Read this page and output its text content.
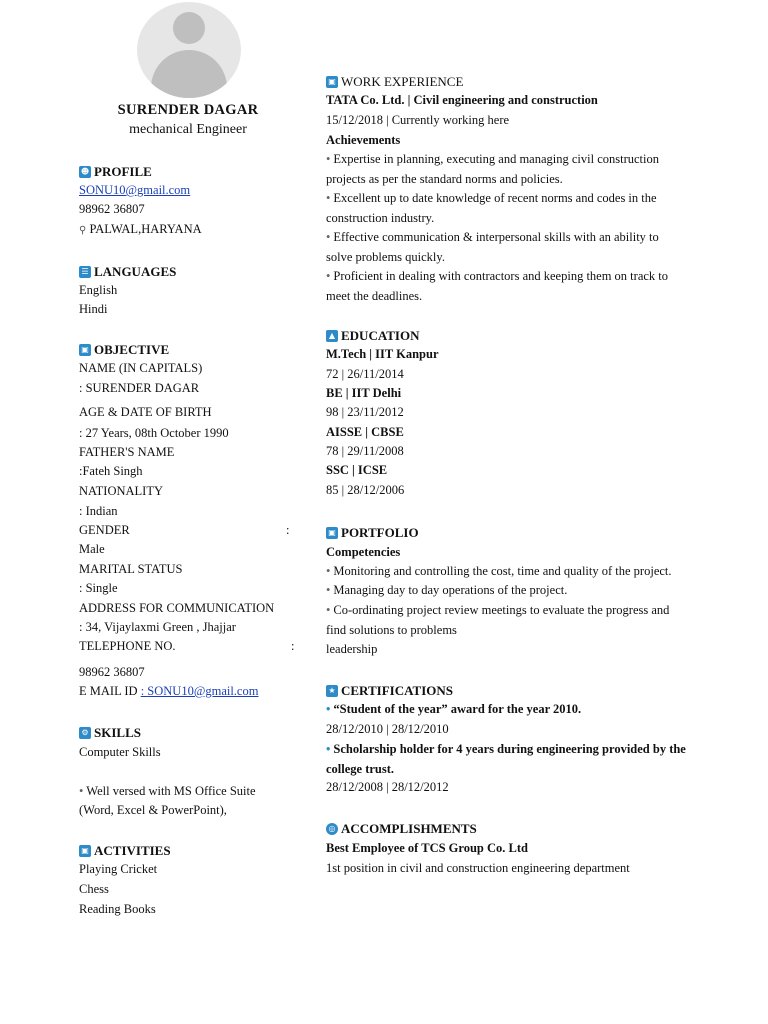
SURENDER DAGAR
mechanical Engineer
☻ PROFILE
SONU10@gmail.com
98962 36807
⚲ PALWAL,HARYANA
☰ LANGUAGES
English
Hindi
▣ OBJECTIVE
NAME (IN CAPITALS)
: SURENDER DAGAR
AGE & DATE OF BIRTH
: 27 Years, 08th October 1990
FATHER'S NAME
:Fateh Singh
NATIONALITY
: Indian
GENDER	:
Male
MARITAL STATUS
: Single
ADDRESS FOR COMMUNICATION
: 34, Vijaylaxmi Green , Jhajjar
TELEPHONE NO.	:
98962 36807
E MAIL ID : SONU10@gmail.com
⚙ SKILLS
Computer Skills
• Well versed with MS Office Suite
(Word, Excel & PowerPoint),
▣ ACTIVITIES
Playing Cricket
Chess
Reading Books
▣ WORK EXPERIENCE
TATA Co. Ltd. | Civil engineering and construction
15/12/2018 | Currently working here
Achievements
• Expertise in planning, executing and managing civil construction projects as per the standard norms and policies.
• Excellent up to date knowledge of recent norms and codes in the construction industry.
• Effective communication & interpersonal skills with an ability to solve problems quickly.
• Proficient in dealing with contractors and keeping them on track to meet the deadlines.
▲ EDUCATION
M.Tech | IIT Kanpur
72 | 26/11/2014
BE | IIT Delhi
98 | 23/11/2012
AISSE | CBSE
78 | 29/11/2008
SSC | ICSE
85 | 28/12/2006
▣ PORTFOLIO
Competencies
• Monitoring and controlling the cost, time and quality of the project.
• Managing day to day operations of the project.
• Co-ordinating project review meetings to evaluate the progress and find solutions to problems
leadership
★ CERTIFICATIONS
• “Student of the year” award for the year 2010.
28/12/2010 | 28/12/2010
• Scholarship holder for 4 years during engineering provided by the college trust.
28/12/2008 | 28/12/2012
◎ ACCOMPLISHMENTS
Best Employee of TCS Group Co. Ltd
1st position in civil and construction engineering department
